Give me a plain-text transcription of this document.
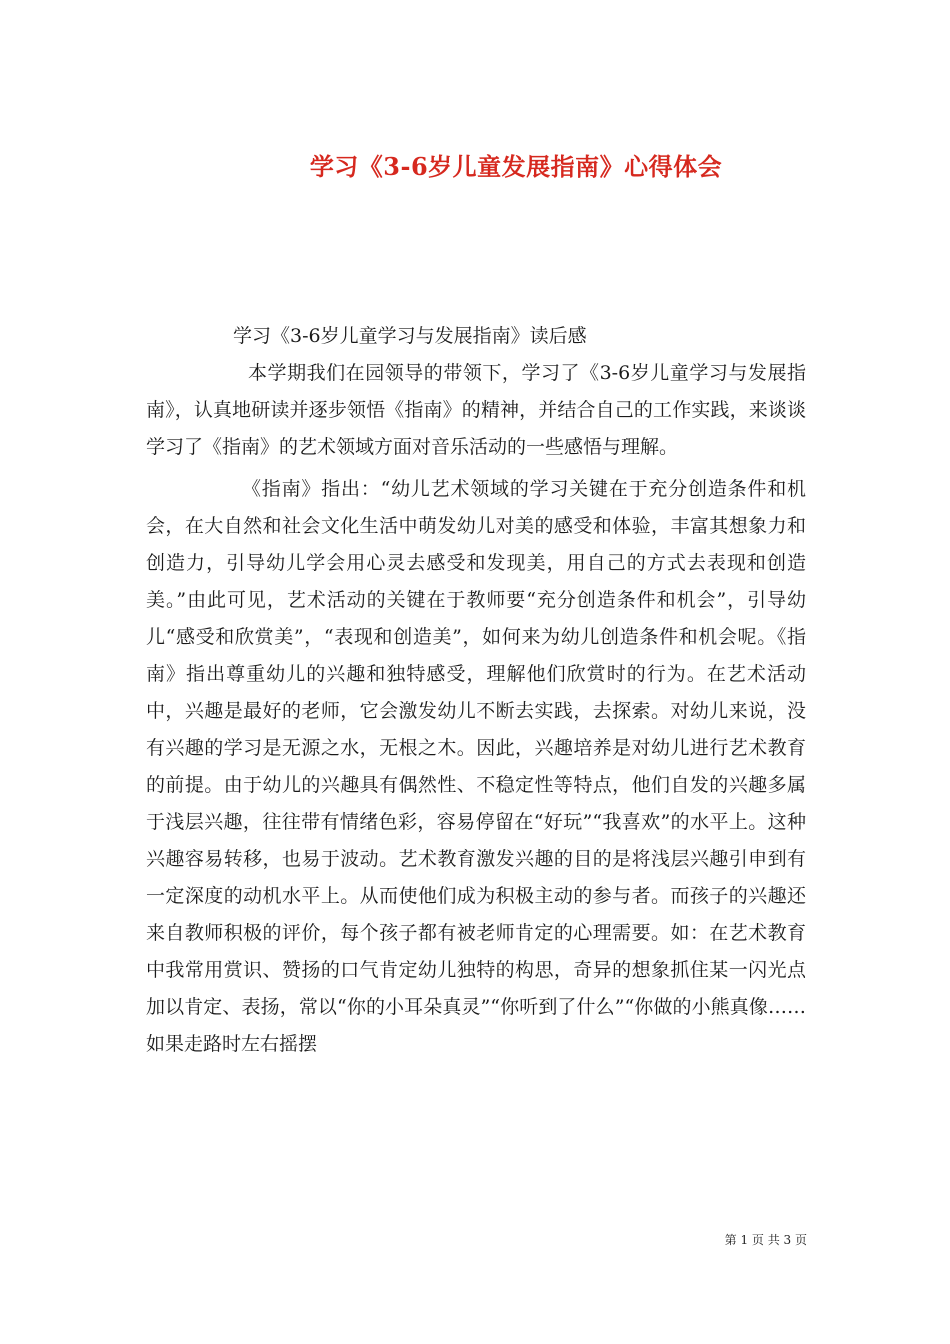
学习《3-6岁儿童发展指南》心得体会

学习《3-6岁儿童学习与发展指南》读后感

本学期我们在园领导的带领下，学习了《3-6岁儿童学习与发展指南》，认真地研读并逐步领悟《指南》的精神，并结合自己的工作实践，来谈谈学习了《指南》的艺术领域方面对音乐活动的一些感悟与理解。

《指南》指出：“幼儿艺术领域的学习关键在于充分创造条件和机会，在大自然和社会文化生活中萌发幼儿对美的感受和体验，丰富其想象力和创造力，引导幼儿学会用心灵去感受和发现美，用自己的方式去表现和创造美。”由此可见，艺术活动的关键在于教师要“充分创造条件和机会”，引导幼儿“感受和欣赏美”，“表现和创造美”，如何来为幼儿创造条件和机会呢。《指南》指出尊重幼儿的兴趣和独特感受，理解他们欣赏时的行为。在艺术活动中，兴趣是最好的老师，它会激发幼儿不断去实践，去探索。对幼儿来说，没有兴趣的学习是无源之水，无根之木。因此，兴趣培养是对幼儿进行艺术教育的前提。由于幼儿的兴趣具有偶然性、不稳定性等特点，他们自发的兴趣多属于浅层兴趣，往往带有情绪色彩，容易停留在“好玩”“我喜欢”的水平上。这种兴趣容易转移，也易于波动。艺术教育激发兴趣的目的是将浅层兴趣引申到有一定深度的动机水平上。从而使他们成为积极主动的参与者。而孩子的兴趣还来自教师积极的评价，每个孩子都有被老师肯定的心理需要。如：在艺术教育中我常用赏识、赞扬的口气肯定幼儿独特的构思，奇异的想象抓住某一闪光点加以肯定、表扬，常以“你的小耳朵真灵”“你听到了什么”“你做的小熊真像……如果走路时左右摇摆

第 1 页 共 3 页
